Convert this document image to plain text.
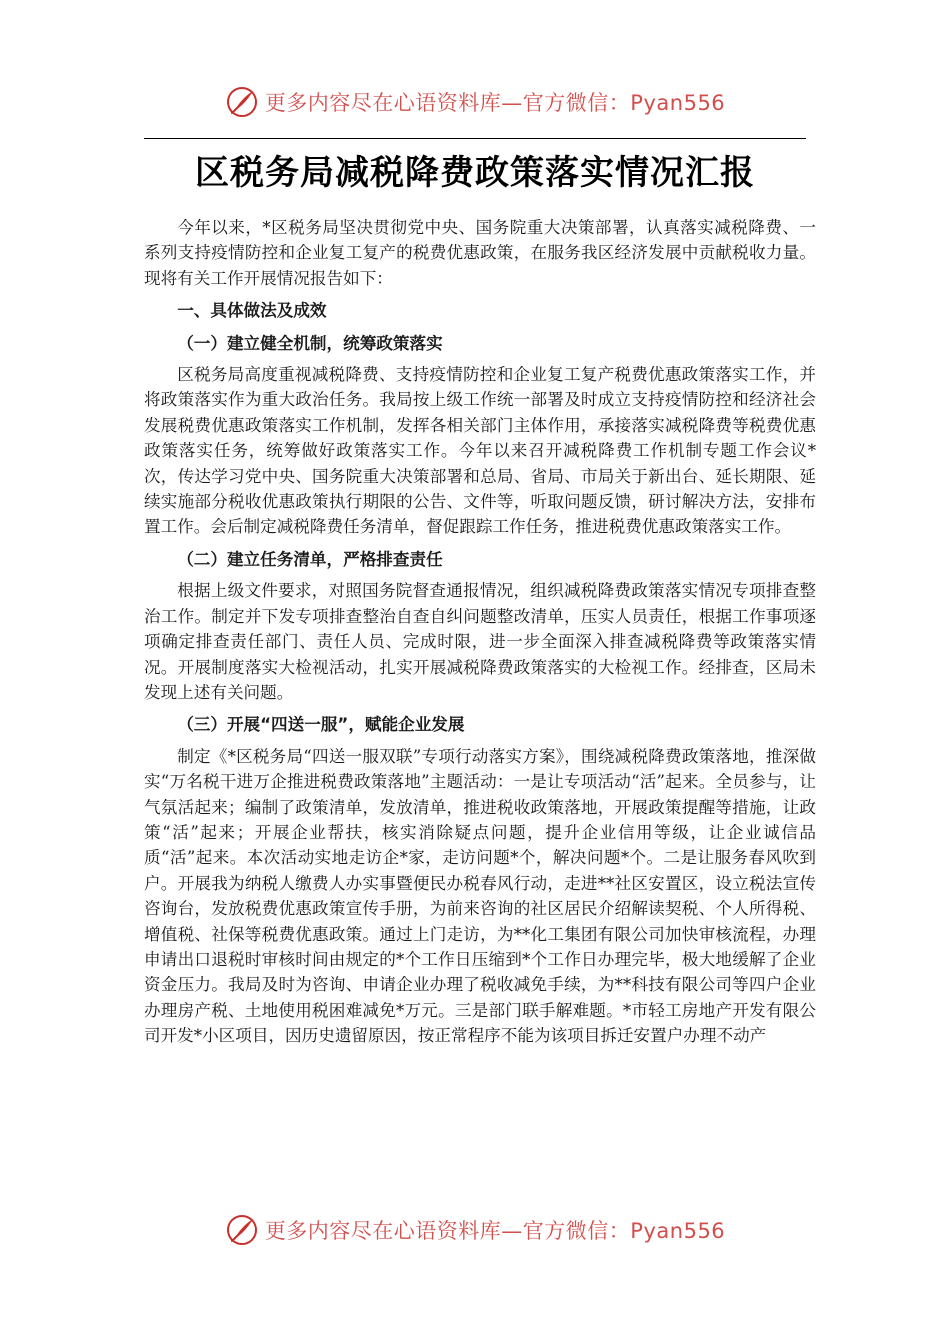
更多内容尽在心语资料库—官方微信：Pyan556
区税务局减税降费政策落实情况汇报

今年以来，*区税务局坚决贯彻党中央、国务院重大决策部署，认真落实减税降费、一系列支持疫情防控和企业复工复产的税费优惠政策，在服务我区经济发展中贡献税收力量。现将有关工作开展情况报告如下：

一、具体做法及成效

（一）建立健全机制，统筹政策落实

区税务局高度重视减税降费、支持疫情防控和企业复工复产税费优惠政策落实工作，并将政策落实作为重大政治任务。我局按上级工作统一部署及时成立支持疫情防控和经济社会发展税费优惠政策落实工作机制，发挥各相关部门主体作用，承接落实减税降费等税费优惠政策落实任务，统筹做好政策落实工作。今年以来召开减税降费工作机制专题工作会议*次，传达学习党中央、国务院重大决策部署和总局、省局、市局关于新出台、延长期限、延续实施部分税收优惠政策执行期限的公告、文件等，听取问题反馈，研讨解决方法，安排布置工作。会后制定减税降费任务清单，督促跟踪工作任务，推进税费优惠政策落实工作。

（二）建立任务清单，严格排查责任

根据上级文件要求，对照国务院督查通报情况，组织减税降费政策落实情况专项排查整治工作。制定并下发专项排查整治自查自纠问题整改清单，压实人员责任，根据工作事项逐项确定排查责任部门、责任人员、完成时限，进一步全面深入排查减税降费等政策落实情况。开展制度落实大检视活动，扎实开展减税降费政策落实的大检视工作。经排查，区局未发现上述有关问题。

（三）开展“四送一服”，赋能企业发展

制定《*区税务局“四送一服双联”专项行动落实方案》，围绕减税降费政策落地，推深做实“万名税干进万企推进税费政策落地”主题活动：一是让专项活动“活”起来。全员参与，让气氛活起来；编制了政策清单，发放清单，推进税收政策落地，开展政策提醒等措施，让政策“活”起来；开展企业帮扶，核实消除疑点问题，提升企业信用等级，让企业诚信品质“活”起来。本次活动实地走访企*家，走访问题*个，解决问题*个。二是让服务春风吹到户。开展我为纳税人缴费人办实事暨便民办税春风行动，走进**社区安置区，设立税法宣传咨询台，发放税费优惠政策宣传手册，为前来咨询的社区居民介绍解读契税、个人所得税、增值税、社保等税费优惠政策。通过上门走访，为**化工集团有限公司加快审核流程，办理申请出口退税时审核时间由规定的*个工作日压缩到*个工作日办理完毕，极大地缓解了企业资金压力。我局及时为咨询、申请企业办理了税收减免手续，为**科技有限公司等四户企业办理房产税、土地使用税困难减免*万元。三是部门联手解难题。*市轻工房地产开发有限公司开发*小区项目，因历史遗留原因，按正常程序不能为该项目拆迁安置户办理不动产

更多内容尽在心语资料库—官方微信：Pyan556
